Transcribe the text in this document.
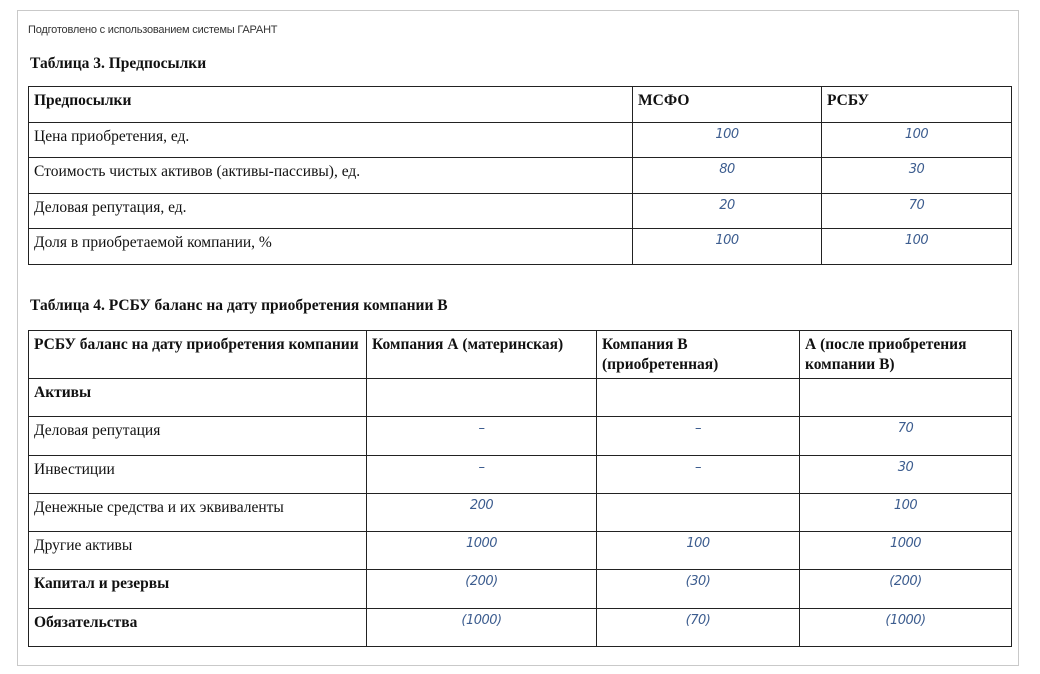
Подготовлено с использованием системы ГАРАНТ
Таблица 3. Предпосылки
Предпосылки	МСФО	РСБУ
Цена приобретения, ед.	100	100
Стоимость чистых активов (активы-пассивы), ед.	80	30
Деловая репутация, ед.	20	70
Доля в приобретаемой компании, %	100	100
Таблица 4. РСБУ баланс на дату приобретения компании В
РСБУ баланс на дату приобретения компании	Компания А (материнская)	Компания В (приобретенная)	А (после приобретения компании В)
Активы			
Деловая репутация	–	–	70
Инвестиции	–	–	30
Денежные средства и их эквиваленты	200		100
Другие активы	1000	100	1000
Капитал и резервы	(200)	(30)	(200)
Обязательства	(1000)	(70)	(1000)
